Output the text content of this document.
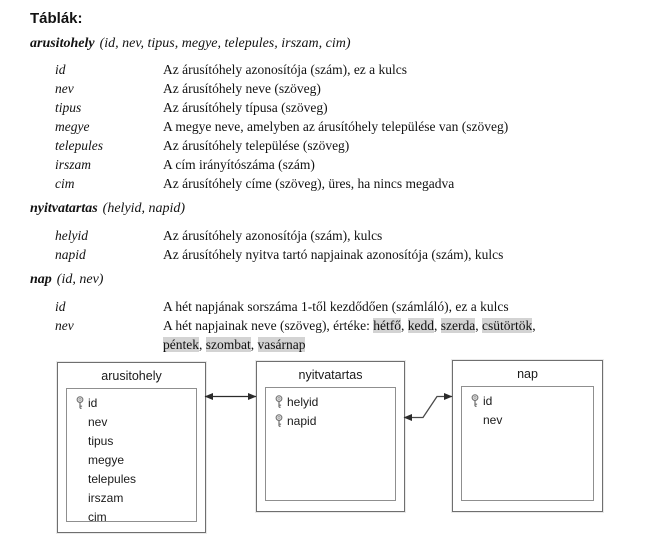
Táblák:
arusitohely (id, nev, tipus, megye, telepules, irszam, cim)
id	Az árusítóhely azonosítója (szám), ez a kulcs
nev	Az árusítóhely neve (szöveg)
tipus	Az árusítóhely típusa (szöveg)
megye	A megye neve, amelyben az árusítóhely települése van (szöveg)
telepules	Az árusítóhely települése (szöveg)
irszam	A cím irányítószáma (szám)
cim	Az árusítóhely címe (szöveg), üres, ha nincs megadva
nyitvatartas (helyid, napid)
helyid	Az árusítóhely azonosítója (szám), kulcs
napid	Az árusítóhely nyitva tartó napjainak azonosítója (szám), kulcs
nap (id, nev)
id	A hét napjának sorszáma 1-től kezdődően (számláló), ez a kulcs
nev	A hét napjainak neve (szöveg), értéke: hétfő, kedd, szerda, csütörtök,
péntek, szombat, vasárnap
arusitohely
id
nev
tipus
megye
telepules
irszam
cim
nyitvatartas
helyid
napid
nap
id
nev
